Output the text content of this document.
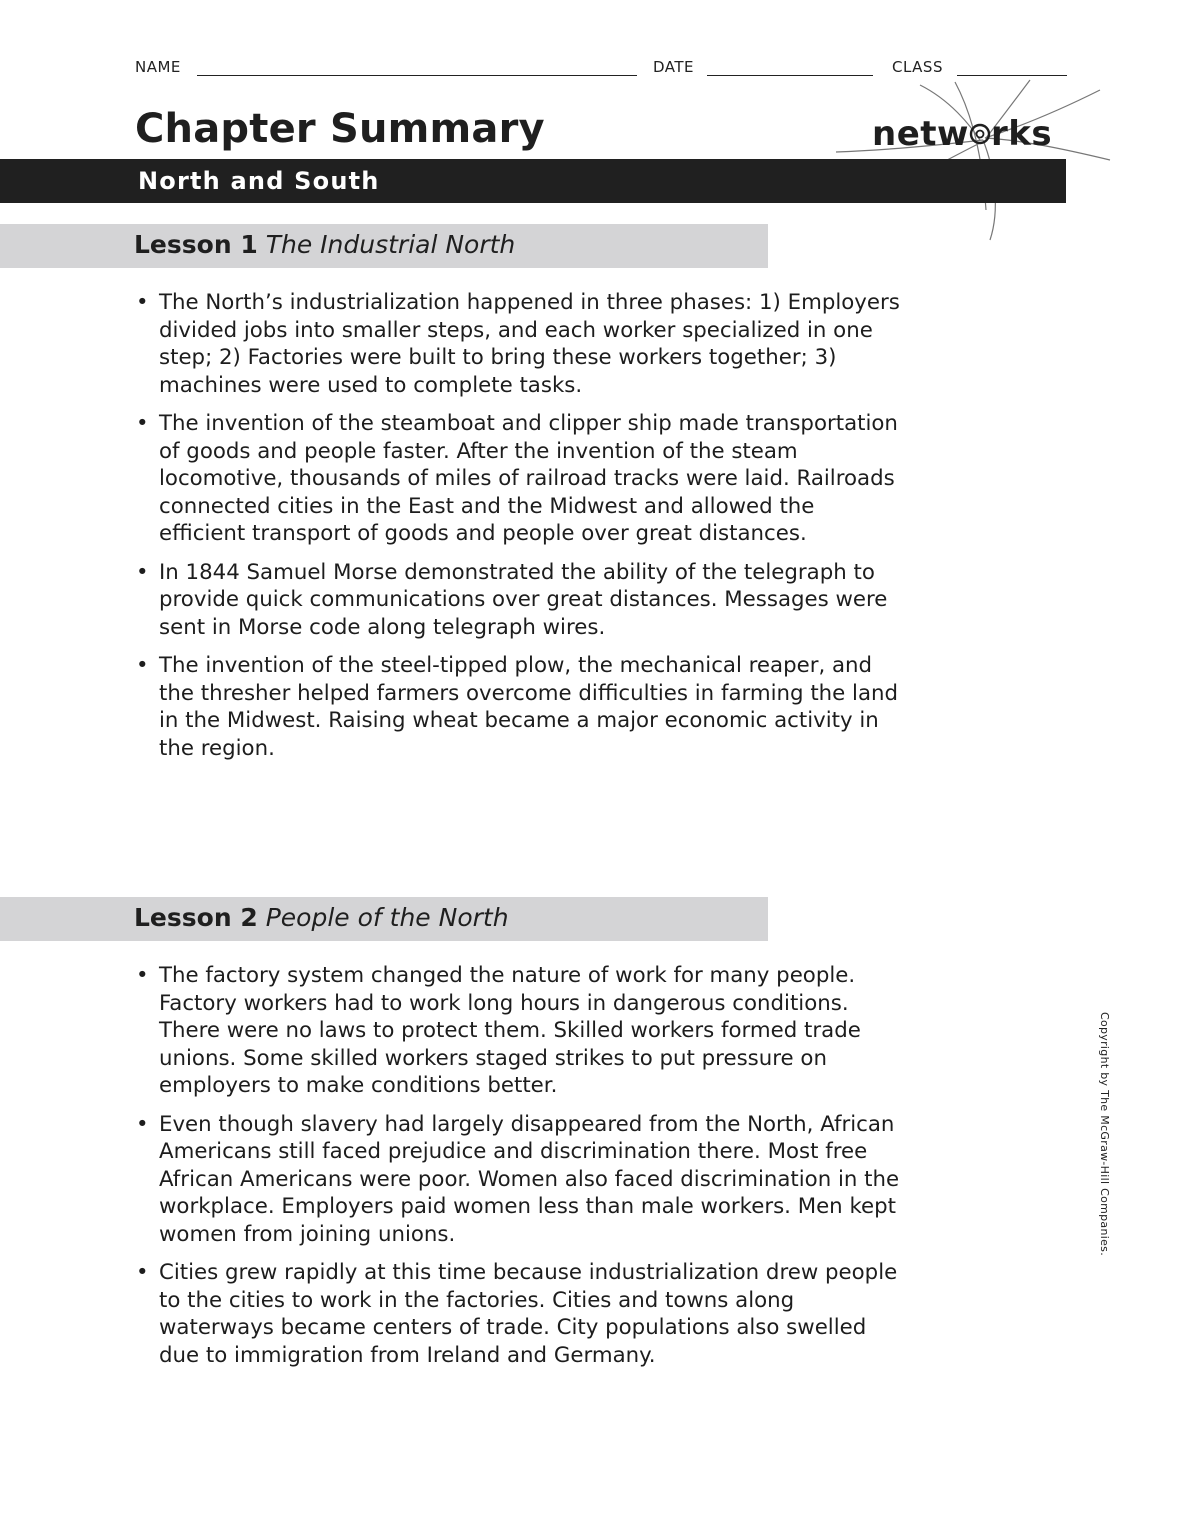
NAME	DATE	CLASS
Chapter Summary	netw rks
North and South
Lesson 1 The Industrial North
• The North’s industrialization happened in three phases: 1) Employers divided jobs into smaller steps, and each worker specialized in one step; 2) Factories were built to bring these workers together; 3) machines were used to complete tasks.
• The invention of the steamboat and clipper ship made transportation of goods and people faster. After the invention of the steam locomotive, thousands of miles of railroad tracks were laid. Railroads connected cities in the East and the Midwest and allowed the efficient transport of goods and people over great distances.
• In 1844 Samuel Morse demonstrated the ability of the telegraph to provide quick communications over great distances. Messages were sent in Morse code along telegraph wires.
• The invention of the steel-tipped plow, the mechanical reaper, and the thresher helped farmers overcome difficulties in farming the land in the Midwest. Raising wheat became a major economic activity in the region.
Lesson 2 People of the North
• The factory system changed the nature of work for many people. Factory workers had to work long hours in dangerous conditions. There were no laws to protect them. Skilled workers formed trade unions. Some skilled workers staged strikes to put pressure on employers to make conditions better.
• Even though slavery had largely disappeared from the North, African Americans still faced prejudice and discrimination there. Most free African Americans were poor. Women also faced discrimination in the workplace. Employers paid women less than male workers. Men kept women from joining unions.
• Cities grew rapidly at this time because industrialization drew people to the cities to work in the factories. Cities and towns along waterways became centers of trade. City populations also swelled due to immigration from Ireland and Germany.
Copyright by The McGraw-Hill Companies.
